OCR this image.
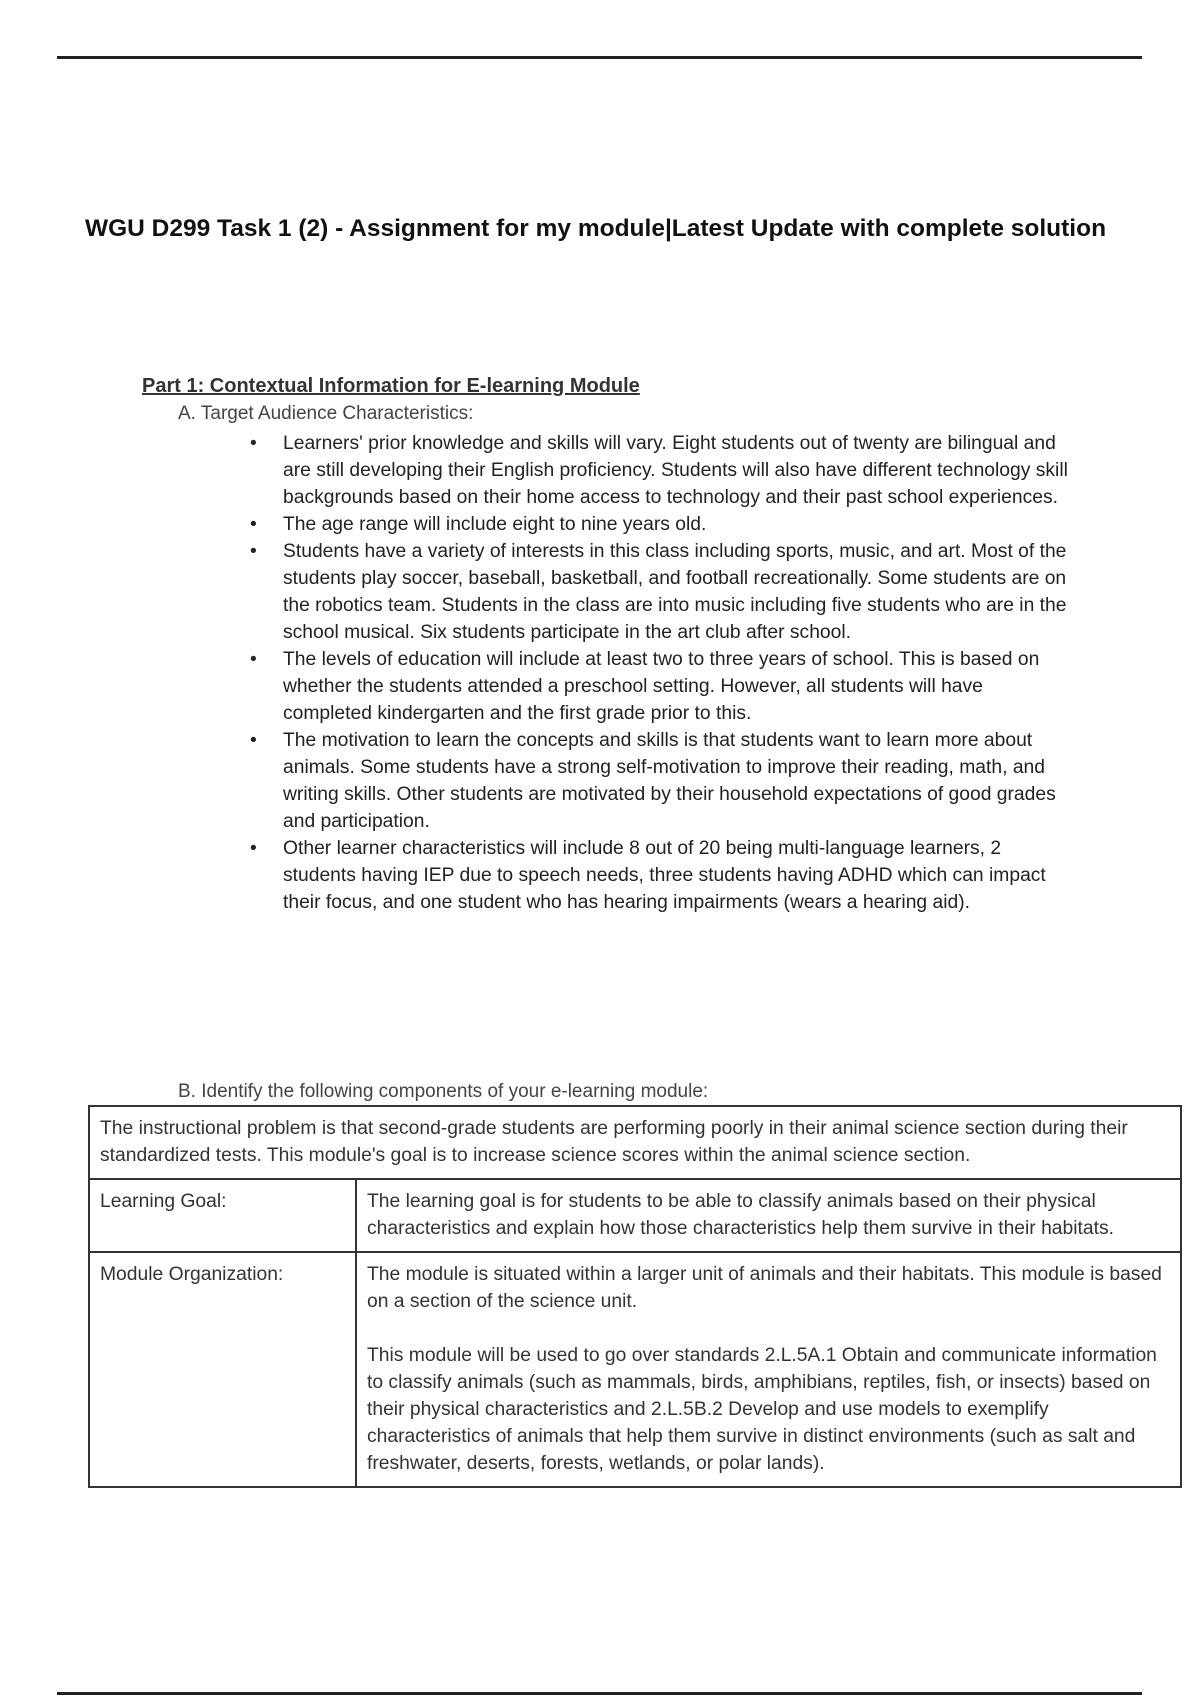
WGU D299 Task 1 (2) - Assignment for my module|Latest Update with complete solution
Part 1: Contextual Information for E-learning Module
A. Target Audience Characteristics:
• Learners' prior knowledge and skills will vary. Eight students out of twenty are bilingual and are still developing their English proficiency. Students will also have different technology skill backgrounds based on their home access to technology and their past school experiences.
• The age range will include eight to nine years old.
• Students have a variety of interests in this class including sports, music, and art. Most of the students play soccer, baseball, basketball, and football recreationally. Some students are on the robotics team. Students in the class are into music including five students who are in the school musical. Six students participate in the art club after school.
• The levels of education will include at least two to three years of school. This is based on whether the students attended a preschool setting. However, all students will have completed kindergarten and the first grade prior to this.
• The motivation to learn the concepts and skills is that students want to learn more about animals. Some students have a strong self-motivation to improve their reading, math, and writing skills. Other students are motivated by their household expectations of good grades and participation.
• Other learner characteristics will include 8 out of 20 being multi-language learners, 2 students having IEP due to speech needs, three students having ADHD which can impact their focus, and one student who has hearing impairments (wears a hearing aid).
B. Identify the following components of your e-learning module:
The instructional problem is that second-grade students are performing poorly in their animal science section during their standardized tests. This module's goal is to increase science scores within the animal science section.	
Learning Goal:	The learning goal is for students to be able to classify animals based on their physical characteristics and explain how those characteristics help them survive in their habitats.
Module Organization:	The module is situated within a larger unit of animals and their habitats. This module is based on a section of the science unit.

This module will be used to go over standards 2.L.5A.1 Obtain and communicate information to classify animals (such as mammals, birds, amphibians, reptiles, fish, or insects) based on their physical characteristics and 2.L.5B.2 Develop and use models to exemplify characteristics of animals that help them survive in distinct environments (such as salt and freshwater, deserts, forests, wetlands, or polar lands).
